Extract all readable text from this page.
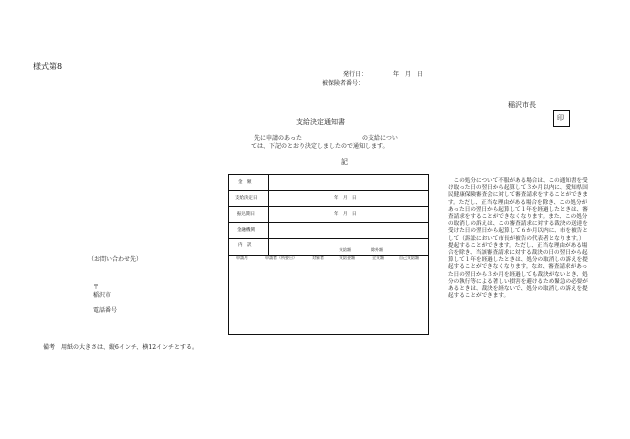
様式第8
発行日：	年　月　日
被保険者番号：
稲沢市長
印
支給決定通知書
先に申請のあった　　　　　　　　　　の支給につい
ては、下記のとおり決定しましたので通知します。
記
金　額
支給決定日	年　月　日
振込期日	年　月　日
金融機関
内　訳
支給額	除外額
申請月	申請者（所要日）	対象者	支給金額	全支額	自己支給額
（お問い合わせ先）
〒
稲沢市
電話番号
　この処分について不服がある場合は、この通知書を受け取った日の翌日から起算して３か月以内に、愛知県国民健康保険審査会に対して審査請求をすることができます。ただし、正当な理由がある場合を除き、この処分があった日の翌日から起算して１年を経過したときは、審査請求をすることができなくなります。また、この処分の取消しの訴えは、この審査請求に対する裁決の送達を受けた日の翌日から起算して６か月以内に、市を被告として（訴訟において市長が被告の代表者となります。）提起することができます。ただし、正当な理由がある場合を除き、当該審査請求に対する裁決の日の翌日から起算して１年を経過したときは、処分の取消しの訴えを提起することができなくなります。なお、審査請求があった日の翌日から３か月を経過しても裁決がないとき、処分の執行等による著しい損害を避けるため緊急の必要があるときは、裁決を経ないで、処分の取消しの訴えを提起することができます。
備考　用紙の大きさは、縦6インチ、横12インチとする。
